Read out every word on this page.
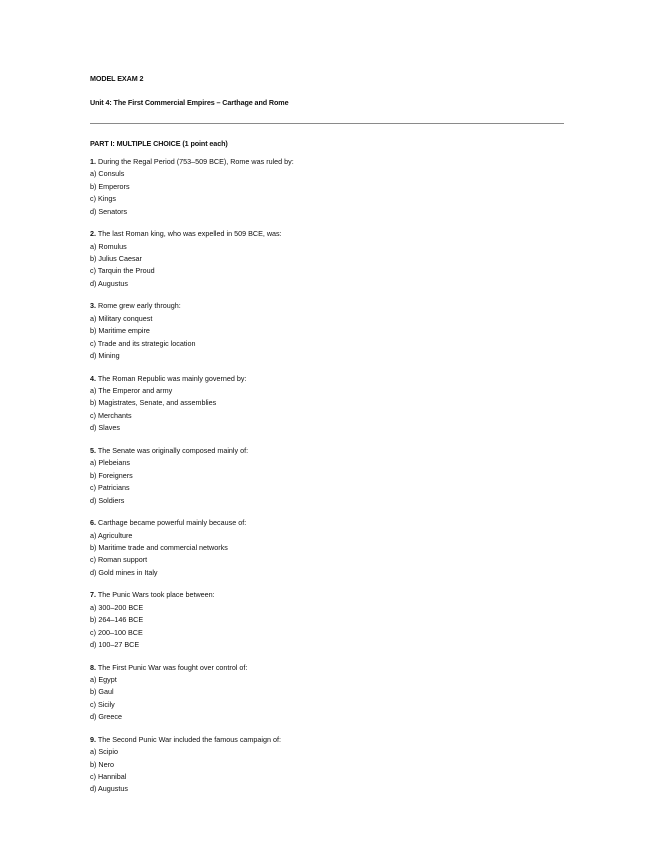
MODEL EXAM 2
Unit 4: The First Commercial Empires – Carthage and Rome
PART I: MULTIPLE CHOICE (1 point each)
1. During the Regal Period (753–509 BCE), Rome was ruled by:
a) Consuls
b) Emperors
c) Kings
d) Senators
2. The last Roman king, who was expelled in 509 BCE, was:
a) Romulus
b) Julius Caesar
c) Tarquin the Proud
d) Augustus
3. Rome grew early through:
a) Military conquest
b) Maritime empire
c) Trade and its strategic location
d) Mining
4. The Roman Republic was mainly governed by:
a) The Emperor and army
b) Magistrates, Senate, and assemblies
c) Merchants
d) Slaves
5. The Senate was originally composed mainly of:
a) Plebeians
b) Foreigners
c) Patricians
d) Soldiers
6. Carthage became powerful mainly because of:
a) Agriculture
b) Maritime trade and commercial networks
c) Roman support
d) Gold mines in Italy
7. The Punic Wars took place between:
a) 300–200 BCE
b) 264–146 BCE
c) 200–100 BCE
d) 100–27 BCE
8. The First Punic War was fought over control of:
a) Egypt
b) Gaul
c) Sicily
d) Greece
9. The Second Punic War included the famous campaign of:
a) Scipio
b) Nero
c) Hannibal
d) Augustus
